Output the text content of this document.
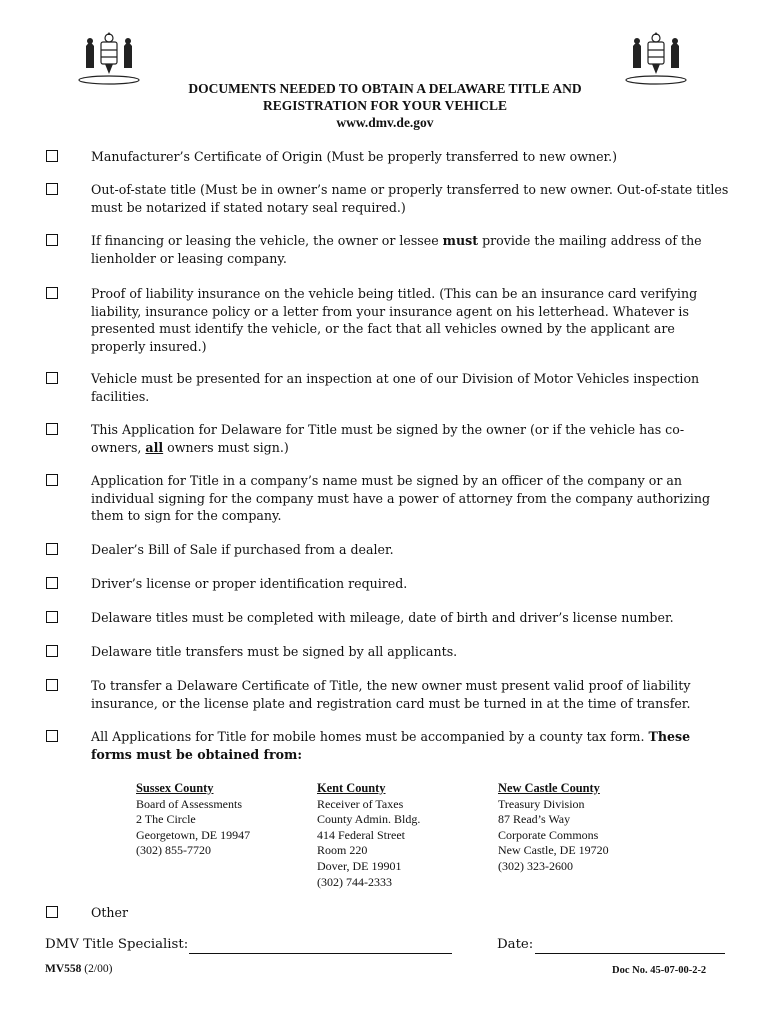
DOCUMENTS NEEDED TO OBTAIN A DELAWARE TITLE AND
REGISTRATION FOR YOUR VEHICLE
www.dmv.de.gov
Manufacturer’s Certificate of Origin (Must be properly transferred to new owner.)
Out-of-state title (Must be in owner’s name or properly transferred to new owner. Out-of-state titles must be notarized if stated notary seal required.)
If financing or leasing the vehicle, the owner or lessee must provide the mailing address of the lienholder or leasing company.
Proof of liability insurance on the vehicle being titled. (This can be an insurance card verifying liability, insurance policy or a letter from your insurance agent on his letterhead. Whatever is presented must identify the vehicle, or the fact that all vehicles owned by the applicant are properly insured.)
Vehicle must be presented for an inspection at one of our Division of Motor Vehicles inspection facilities.
This Application for Delaware for Title must be signed by the owner (or if the vehicle has co-owners, all owners must sign.)
Application for Title in a company’s name must be signed by an officer of the company or an individual signing for the company must have a power of attorney from the company authorizing them to sign for the company.
Dealer’s Bill of Sale if purchased from a dealer.
Driver’s license or proper identification required.
Delaware titles must be completed with mileage, date of birth and driver’s license number.
Delaware title transfers must be signed by all applicants.
To transfer a Delaware Certificate of Title, the new owner must present valid proof of liability insurance, or the license plate and registration card must be turned in at the time of transfer.
All Applications for Title for mobile homes must be accompanied by a county tax form. These forms must be obtained from:
Other
Sussex County
Board of Assessments
2 The Circle
Georgetown, DE 19947
(302) 855-7720
Kent County
Receiver of Taxes
County Admin. Bldg.
414 Federal Street
Room 220
Dover, DE 19901
(302) 744-2333
New Castle County
Treasury Division
87 Read’s Way
Corporate Commons
New Castle, DE 19720
(302) 323-2600
DMV Title Specialist:	Date:
MV558 (2/00)	Doc No. 45-07-00-2-2
